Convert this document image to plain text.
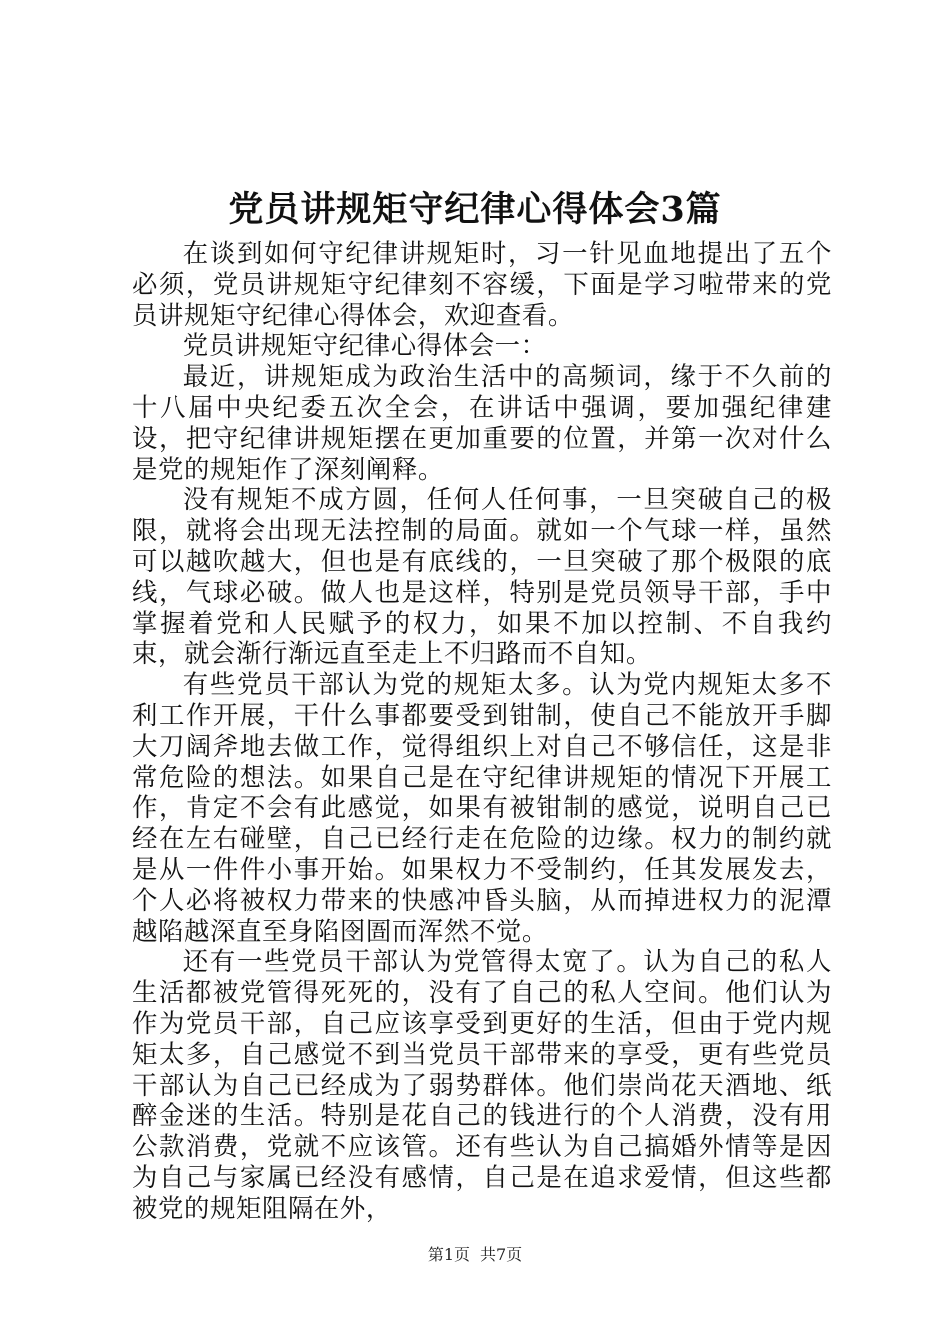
党员讲规矩守纪律心得体会3篇

在谈到如何守纪律讲规矩时，习一针见血地提出了五个必须，党员讲规矩守纪律刻不容缓，下面是学习啦带来的党员讲规矩守纪律心得体会，欢迎查看。

党员讲规矩守纪律心得体会一：

最近，讲规矩成为政治生活中的高频词，缘于不久前的十八届中央纪委五次全会，在讲话中强调，要加强纪律建设，把守纪律讲规矩摆在更加重要的位置，并第一次对什么是党的规矩作了深刻阐释。

没有规矩不成方圆，任何人任何事，一旦突破自己的极限，就将会出现无法控制的局面。就如一个气球一样，虽然可以越吹越大，但也是有底线的，一旦突破了那个极限的底线，气球必破。做人也是这样，特别是党员领导干部，手中掌握着党和人民赋予的权力，如果不加以控制、不自我约束，就会渐行渐远直至走上不归路而不自知。

有些党员干部认为党的规矩太多。认为党内规矩太多不利工作开展，干什么事都要受到钳制，使自己不能放开手脚大刀阔斧地去做工作，觉得组织上对自己不够信任，这是非常危险的想法。如果自己是在守纪律讲规矩的情况下开展工作，肯定不会有此感觉，如果有被钳制的感觉，说明自己已经在左右碰壁，自己已经行走在危险的边缘。权力的制约就是从一件件小事开始。如果权力不受制约，任其发展发去，个人必将被权力带来的快感冲昏头脑，从而掉进权力的泥潭越陷越深直至身陷囹圄而浑然不觉。

还有一些党员干部认为党管得太宽了。认为自己的私人生活都被党管得死死的，没有了自己的私人空间。他们认为作为党员干部，自己应该享受到更好的生活，但由于党内规矩太多，自己感觉不到当党员干部带来的享受，更有些党员干部认为自己已经成为了弱势群体。他们崇尚花天酒地、纸醉金迷的生活。特别是花自己的钱进行的个人消费，没有用公款消费，党就不应该管。还有些认为自己搞婚外情等是因为自己与家属已经没有感情，自己是在追求爱情，但这些都被党的规矩阻隔在外，

第1页 共7页
